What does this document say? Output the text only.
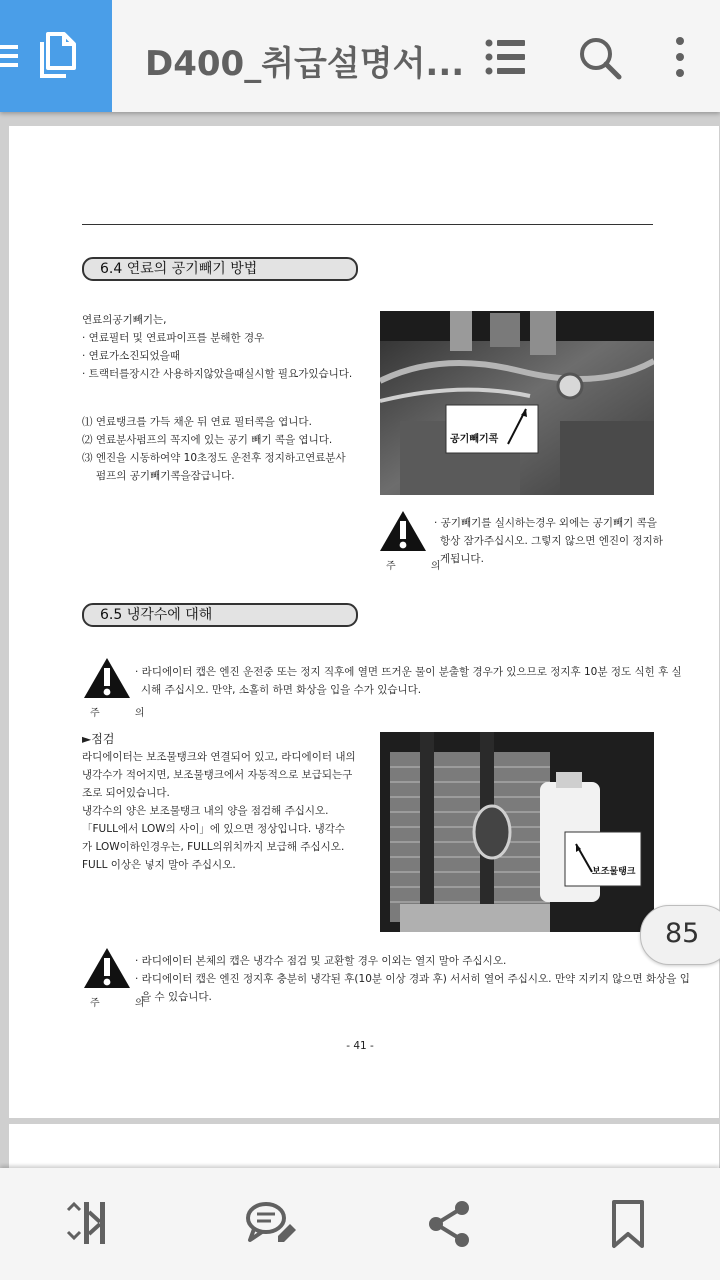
D400_취급설명서...
6.4 연료의 공기빼기 방법
연료의공기빼기는,
· 연료필터 및 연료파이프를 분해한 경우
· 연료가소진되었을때
· 트랙터를장시간 사용하지않았을때실시할 필요가있습니다.
⑴ 연료탱크를 가득 채운 뒤 연료 필터콕을 엽니다.
⑵ 연료분사펌프의 꼭지에 있는 공기 빼기 콕을 엽니다.
⑶ 엔진을 시동하여약 10초정도 운전후 정지하고연료분사
펌프의 공기빼기콕을잠급니다.
공기빼기콕
주 의
· 공기빼기를 실시하는경우 외에는 공기빼기 콕을
항상 잠가주십시오. 그렇지 않으면 엔진이 정지하
게됩니다.
6.5 냉각수에 대해
주 의
· 라디에이터 캡은 엔진 운전중 또는 정지 직후에 열면 뜨거운 물이 분출할 경우가 있으므로 정지후 10분 정도 식힌 후 실
시해 주십시오. 만약, 소홀히 하면 화상을 입을 수가 있습니다.
►점검
라디에이터는 보조물탱크와 연결되어 있고, 라디에이터 내의
냉각수가 적어지면, 보조물탱크에서 자동적으로 보급되는구
조로 되어있습니다.
냉각수의 양은 보조물탱크 내의 양을 점검해 주십시오.
「FULL에서 LOW의 사이」에 있으면 정상입니다. 냉각수
가 LOW이하인경우는, FULL의위치까지 보급해 주십시오.
FULL 이상은 넣지 말아 주십시오.
보조물탱크
주 의
· 라디에이터 본체의 캡은 냉각수 점검 및 교환할 경우 이외는 열지 말아 주십시오.
· 라디에이터 캡은 엔진 정지후 충분히 냉각된 후(10분 이상 경과 후) 서서히 열어 주십시오. 만약 지키지 않으면 화상을 입
을 수 있습니다.
- 41 -
85
